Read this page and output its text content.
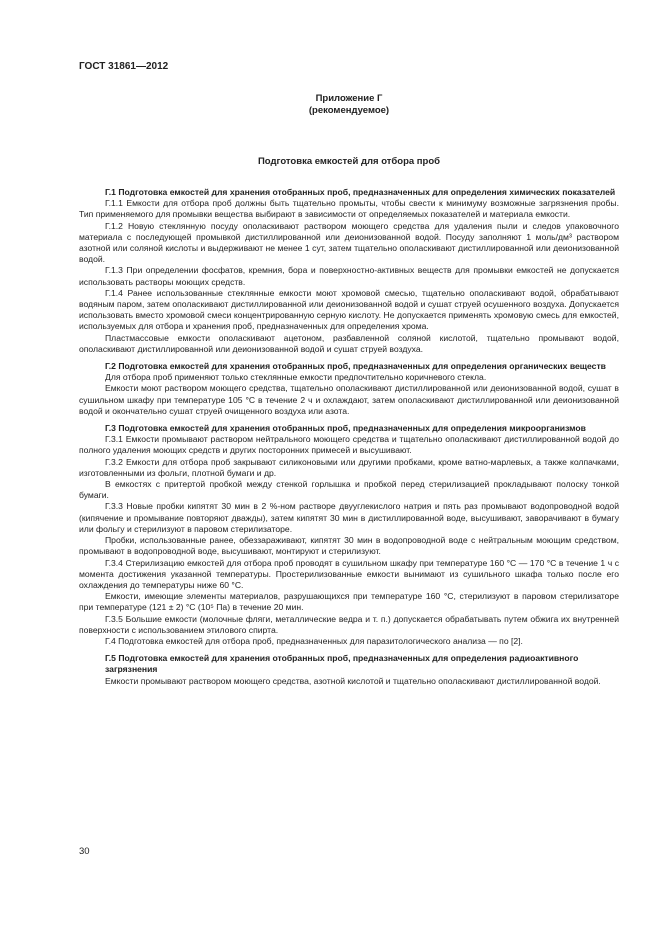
ГОСТ 31861—2012
Приложение Г
(рекомендуемое)
Подготовка емкостей для отбора проб
Г.1 Подготовка емкостей для хранения отобранных проб, предназначенных для определения химических показателей

Г.1.1 Емкости для отбора проб должны быть тщательно промыты, чтобы свести к минимуму возможные загрязнения пробы. Тип применяемого для промывки вещества выбирают в зависимости от определяемых показателей и материала емкости.

Г.1.2 Новую стеклянную посуду ополаскивают раствором моющего средства для удаления пыли и следов упаковочного материала с последующей промывкой дистиллированной или деионизованной водой. Посуду заполняют 1 моль/дм³ раствором азотной или соляной кислоты и выдерживают не менее 1 сут, затем тщательно ополаскивают дистиллированной или деионизованной водой.

Г.1.3 При определении фосфатов, кремния, бора и поверхностно-активных веществ для промывки емкостей не допускается использовать растворы моющих средств.

Г.1.4 Ранее использованные стеклянные емкости моют хромовой смесью, тщательно ополаскивают водой, обрабатывают водяным паром, затем ополаскивают дистиллированной или деионизованной водой и сушат струей осушенного воздуха. Допускается использовать вместо хромовой смеси концентрированную серную кислоту. Не допускается применять хромовую смесь для емкостей, используемых для отбора и хранения проб, предназначенных для определения хрома.

Пластмассовые емкости ополаскивают ацетоном, разбавленной соляной кислотой, тщательно промывают водой, ополаскивают дистиллированной или деионизованной водой и сушат струей воздуха.

Г.2 Подготовка емкостей для хранения отобранных проб, предназначенных для определения органических веществ

Для отбора проб применяют только стеклянные емкости предпочтительно коричневого стекла.

Емкости моют раствором моющего средства, тщательно ополаскивают дистиллированной или деионизованной водой, сушат в сушильном шкафу при температуре 105 °С в течение 2 ч и охлаждают, затем ополаскивают дистиллированной или деионизованной водой и окончательно сушат струей очищенного воздуха или азота.

Г.3 Подготовка емкостей для хранения отобранных проб, предназначенных для определения микроорганизмов

Г.3.1 Емкости промывают раствором нейтрального моющего средства и тщательно ополаскивают дистиллированной водой до полного удаления моющих средств и других посторонних примесей и высушивают.

Г.3.2 Емкости для отбора проб закрывают силиконовыми или другими пробками, кроме ватно-марлевых, а также колпачками, изготовленными из фольги, плотной бумаги и др.

В емкостях с притертой пробкой между стенкой горлышка и пробкой перед стерилизацией прокладывают полоску тонкой бумаги.

Г.3.3 Новые пробки кипятят 30 мин в 2 %-ном растворе двууглекислого натрия и пять раз промывают водопроводной водой (кипячение и промывание повторяют дважды), затем кипятят 30 мин в дистиллированной воде, высушивают, заворачивают в бумагу или фольгу и стерилизуют в паровом стерилизаторе.

Пробки, использованные ранее, обеззараживают, кипятят 30 мин в водопроводной воде с нейтральным моющим средством, промывают в водопроводной воде, высушивают, монтируют и стерилизуют.

Г.3.4 Стерилизацию емкостей для отбора проб проводят в сушильном шкафу при температуре 160 °С — 170 °С в течение 1 ч с момента достижения указанной температуры. Простерилизованные емкости вынимают из сушильного шкафа только после его охлаждения до температуры ниже 60 °С.

Емкости, имеющие элементы материалов, разрушающихся при температуре 160 °С, стерилизуют в паровом стерилизаторе при температуре (121 ± 2) °С (10⁵ Па) в течение 20 мин.

Г.3.5 Большие емкости (молочные фляги, металлические ведра и т. п.) допускается обрабатывать путем обжига их внутренней поверхности с использованием этилового спирта.

Г.4 Подготовка емкостей для отбора проб, предназначенных для паразитологического анализа — по [2].

Г.5 Подготовка емкостей для хранения отобранных проб, предназначенных для определения радиоактивного загрязнения

Емкости промывают раствором моющего средства, азотной кислотой и тщательно ополаскивают дистиллированной водой.

30
